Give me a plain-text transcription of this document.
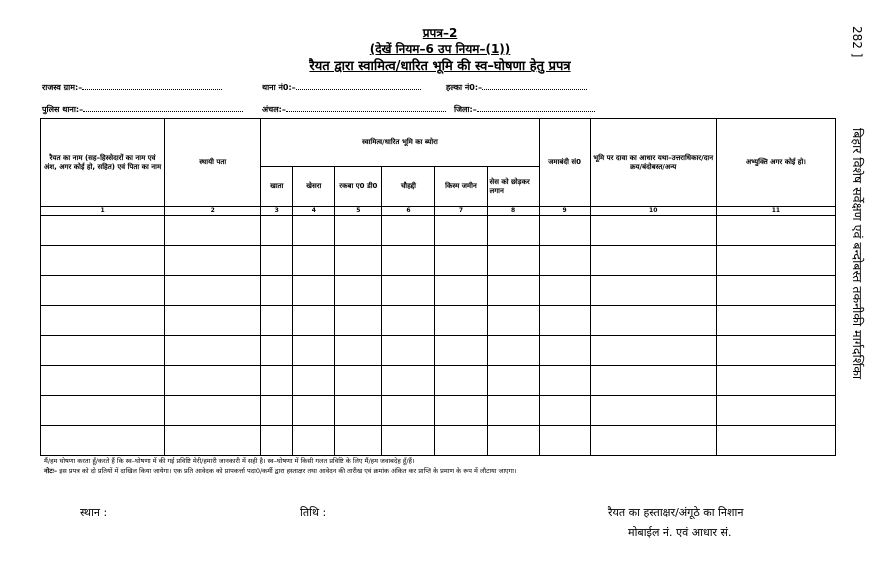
प्रपत्र–2
(देखें नियम–6 उप नियम–(1))
रैयत द्वारा स्वामित्व/धारित भूमि की स्व–घोषणा हेतु प्रपत्र
राजस्व ग्राम:–	थाना नं0:–	हल्का नं0:–
पुलिस थाना:–	अंचल:–	जिला:–
रैयत का नाम (सह–हिस्सेदारों का नाम एवं अंश, अगर कोई हो, सहित) एवं पिता का नाम	स्थायी पता	स्वामित्व/धारित भूमि का ब्योरा						जमाबंदी सं0	भूमि पर दावा का आधार यथा–उत्तराधिकार/दान क्रय/बंदोबस्त/अन्य	अभ्युक्ति अगर कोई हो।
		खाता	खेसरा	रकबा ए0 डी0	चौहद्दी	किस्म जमीन	सेस को छोड़कर लगान			
1	2	3	4	5	6	7	8	9	10	11

मैं/हम घोषणा करता हूँ/करते हैं कि स्व–घोषणा में की गई प्रविष्टि मेरी/हमारी जानकारी में सही है। स्व–घोषणा में किसी गलत प्रविष्टि के लिए मैं/हम जवाबदेह हूँ/हैं।
नोटः– इस प्रपत्र को दो प्रतियों में दाखिल किया जायेगा। एक प्रति आवेदक को प्रापकर्त्ता पदा0/कर्मी द्वारा हस्ताक्षर तथा आवेदन की तारीख एवं क्रमांक अंकित कर प्राप्ति के प्रमाण के रूप में लौटाया जाएगा।
स्थान :	तिथि :	रैयत का हस्ताक्षर/अंगूठे का निशान
मोबाईल नं. एवं आधार सं.
282 ]
बिहार विशेष सर्वेक्षण एवं बन्दोबस्त तकनीकी मार्गदर्शिका
